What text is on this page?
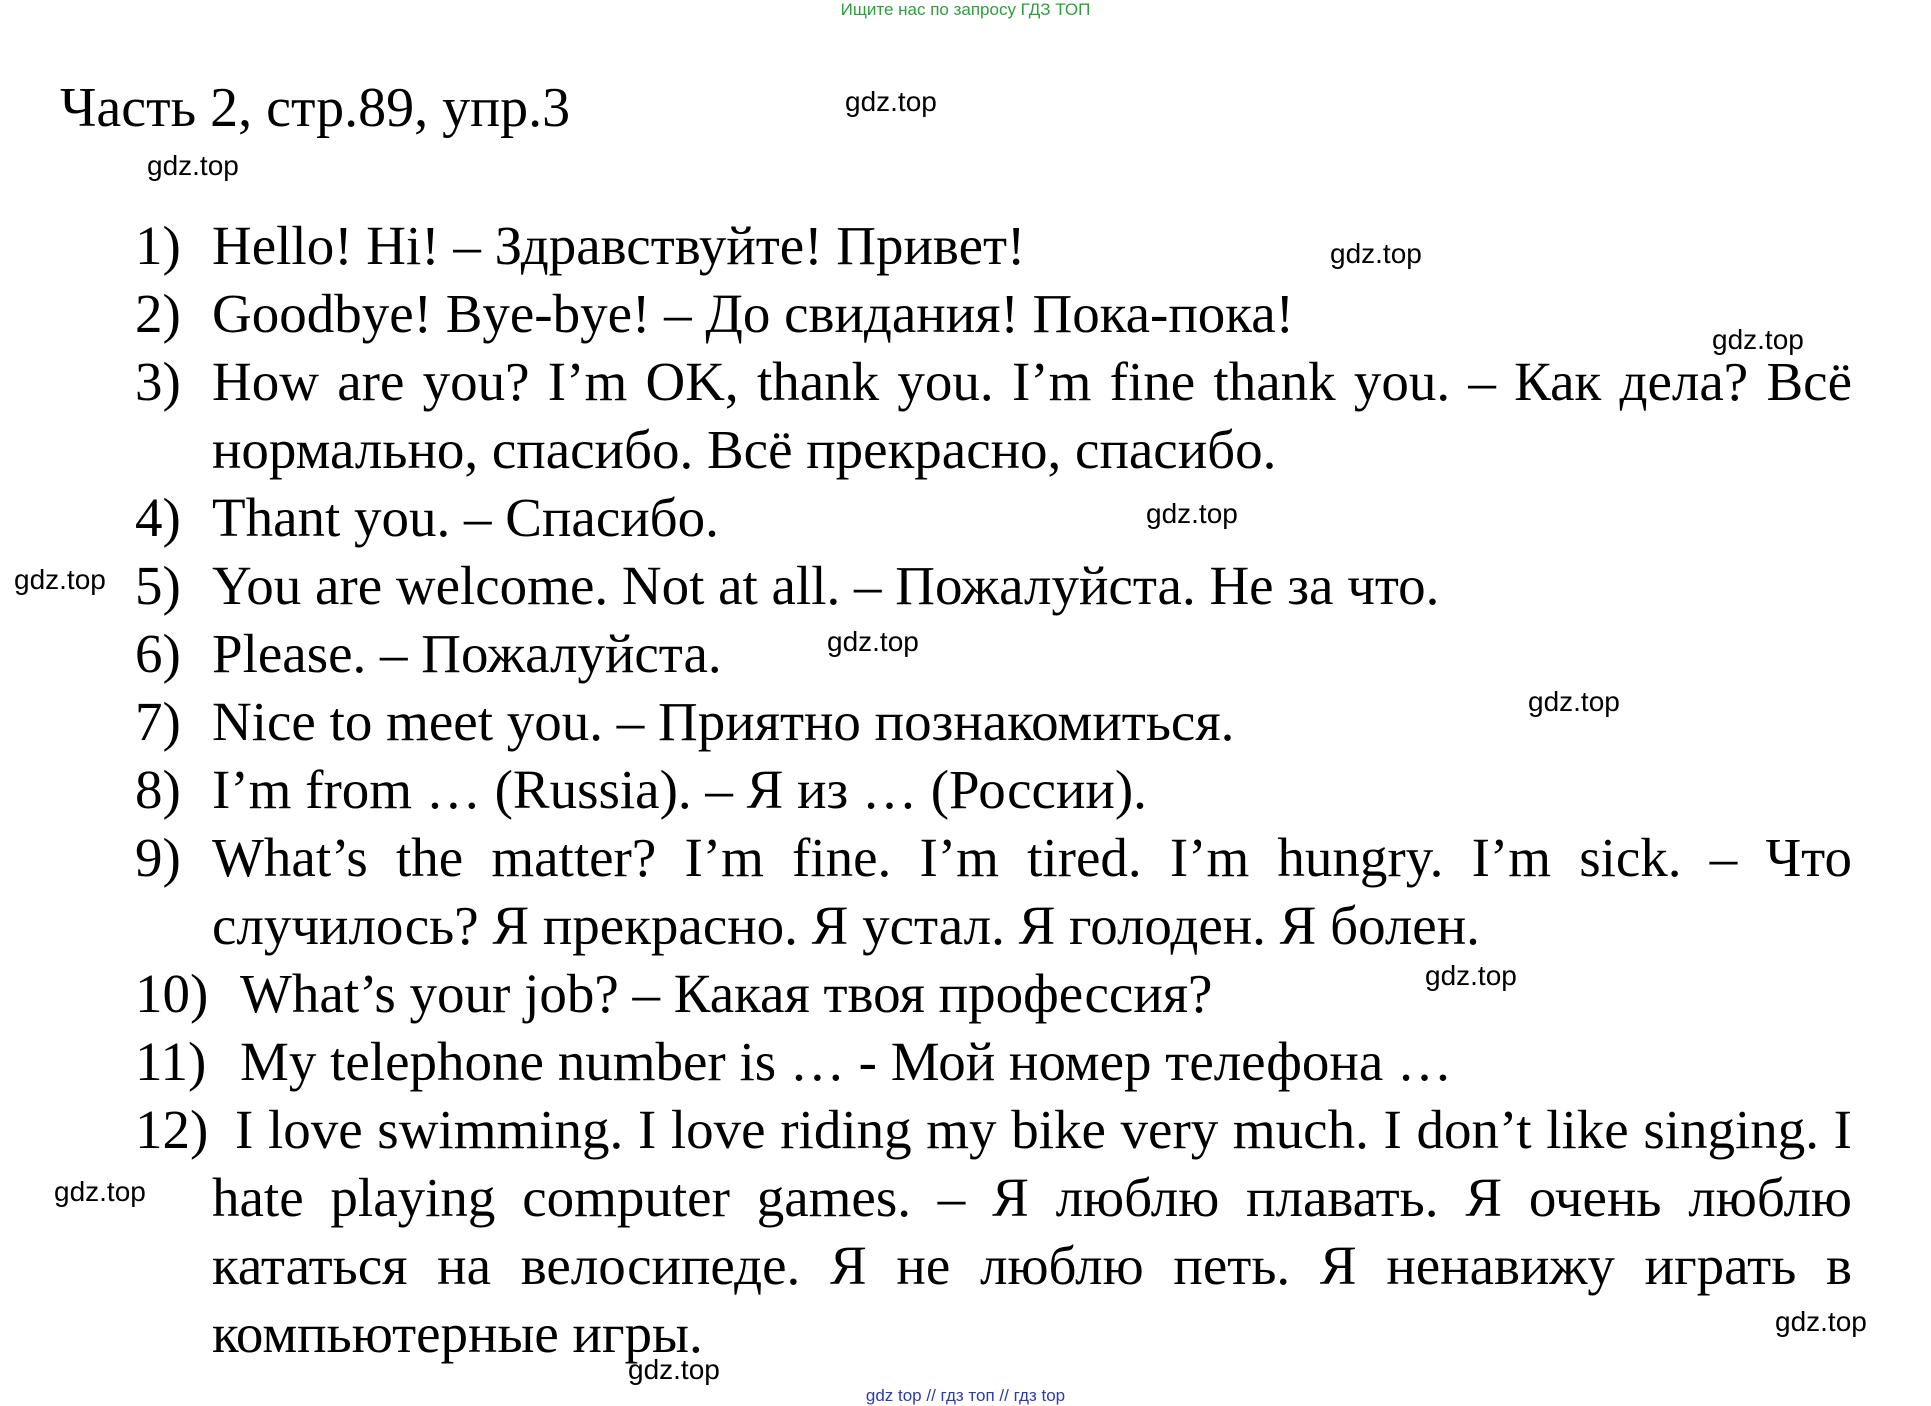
Ищите нас по запросу ГДЗ ТОП
Часть 2, стр.89, упр.3	gdz.top
gdz.top
gdz.top
gdz.top
gdz.top
gdz.top
gdz.top
gdz.top
gdz.top
gdz.top
gdz.top
gdz.top
1) Hello! Hi! – Здравствуйте! Привет!
2) Goodbye! Bye-bye! – До свидания! Пока-пока!
3) How are you? I’m OK, thank you. I’m fine thank you. – Как дела? Всё нормально, спасибо. Всё прекрасно, спасибо.
4) Thant you. – Спасибо.
5) You are welcome. Not at all. – Пожалуйста. Не за что.
6) Please. – Пожалуйста.
7) Nice to meet you. – Приятно познакомиться.
8) I’m from … (Russia). – Я из … (России).
9) What’s the matter? I’m fine. I’m tired. I’m hungry. I’m sick. – Что случилось? Я прекрасно. Я устал. Я голоден. Я болен.
10) What’s your job? – Какая твоя профессия?
11) My telephone number is … - Мой номер телефона …
12) I love swimming. I love riding my bike very much. I don’t like singing. I hate playing computer games. – Я люблю плавать. Я очень люблю кататься на велосипеде. Я не люблю петь. Я ненавижу играть в компьютерные игры.
gdz top // гдз топ // гдз top
